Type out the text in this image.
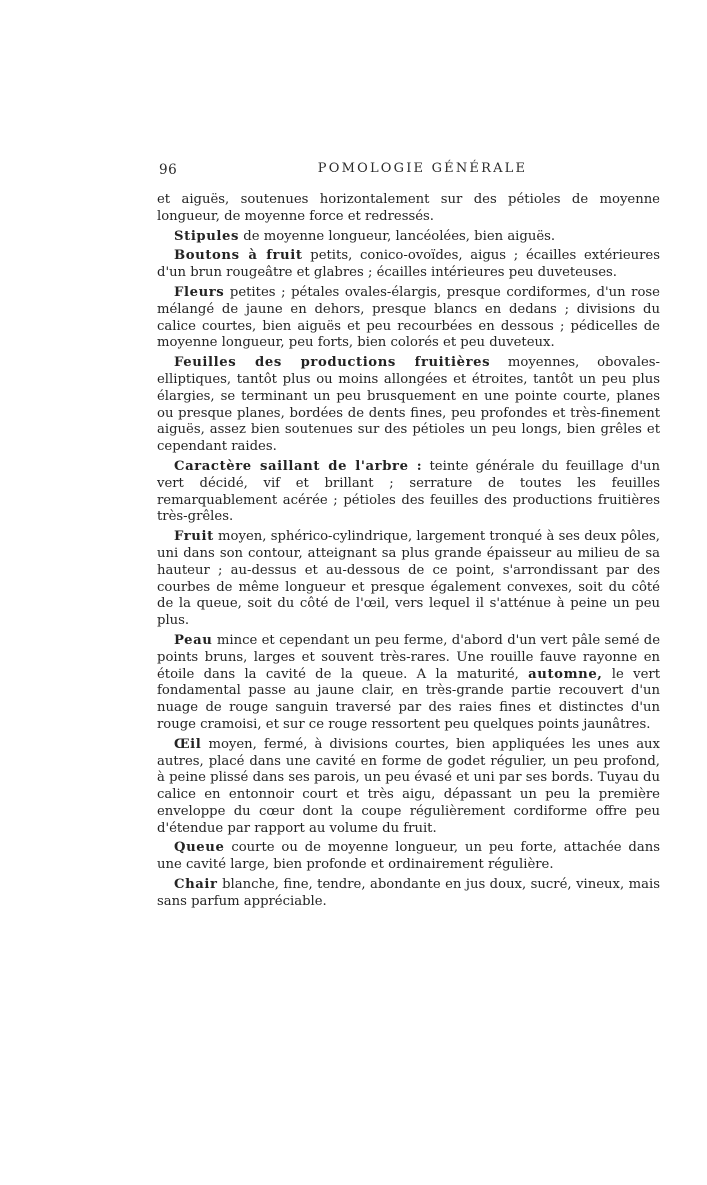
96	POMOLOGIE GÉNÉRALE

et aiguës, soutenues horizontalement sur des pétioles de moyenne longueur, de moyenne force et redressés.

Stipules de moyenne longueur, lancéolées, bien aiguës.

Boutons à fruit petits, conico-ovoïdes, aigus ; écailles extérieures d'un brun rougeâtre et glabres ; écailles intérieures peu duveteuses.

Fleurs petites ; pétales ovales-élargis, presque cordiformes, d'un rose mélangé de jaune en dehors, presque blancs en dedans ; divisions du calice courtes, bien aiguës et peu recourbées en dessous ; pédicelles de moyenne longueur, peu forts, bien colorés et peu duveteux.

Feuilles des productions fruitières moyennes, obovales-elliptiques, tantôt plus ou moins allongées et étroites, tantôt un peu plus élargies, se terminant un peu brusquement en une pointe courte, planes ou presque planes, bordées de dents fines, peu profondes et très-finement aiguës, assez bien soutenues sur des pétioles un peu longs, bien grêles et cependant raides.

Caractère saillant de l'arbre : teinte générale du feuillage d'un vert décidé, vif et brillant ; serrature de toutes les feuilles remarquablement acérée ; pétioles des feuilles des productions fruitières très-grêles.

Fruit moyen, sphérico-cylindrique, largement tronqué à ses deux pôles, uni dans son contour, atteignant sa plus grande épaisseur au milieu de sa hauteur ; au-dessus et au-dessous de ce point, s'arrondissant par des courbes de même longueur et presque également convexes, soit du côté de la queue, soit du côté de l'œil, vers lequel il s'atténue à peine un peu plus.

Peau mince et cependant un peu ferme, d'abord d'un vert pâle semé de points bruns, larges et souvent très-rares. Une rouille fauve rayonne en étoile dans la cavité de la queue. A la maturité, automne, le vert fondamental passe au jaune clair, en très-grande partie recouvert d'un nuage de rouge sanguin traversé par des raies fines et distinctes d'un rouge cramoisi, et sur ce rouge ressortent peu quelques points jaunâtres.

Œil moyen, fermé, à divisions courtes, bien appliquées les unes aux autres, placé dans une cavité en forme de godet régulier, un peu profond, à peine plissé dans ses parois, un peu évasé et uni par ses bords. Tuyau du calice en entonnoir court et très aigu, dépassant un peu la première enveloppe du cœur dont la coupe régulièrement cordiforme offre peu d'étendue par rapport au volume du fruit.

Queue courte ou de moyenne longueur, un peu forte, attachée dans une cavité large, bien profonde et ordinairement régulière.

Chair blanche, fine, tendre, abondante en jus doux, sucré, vineux, mais sans parfum appréciable.
